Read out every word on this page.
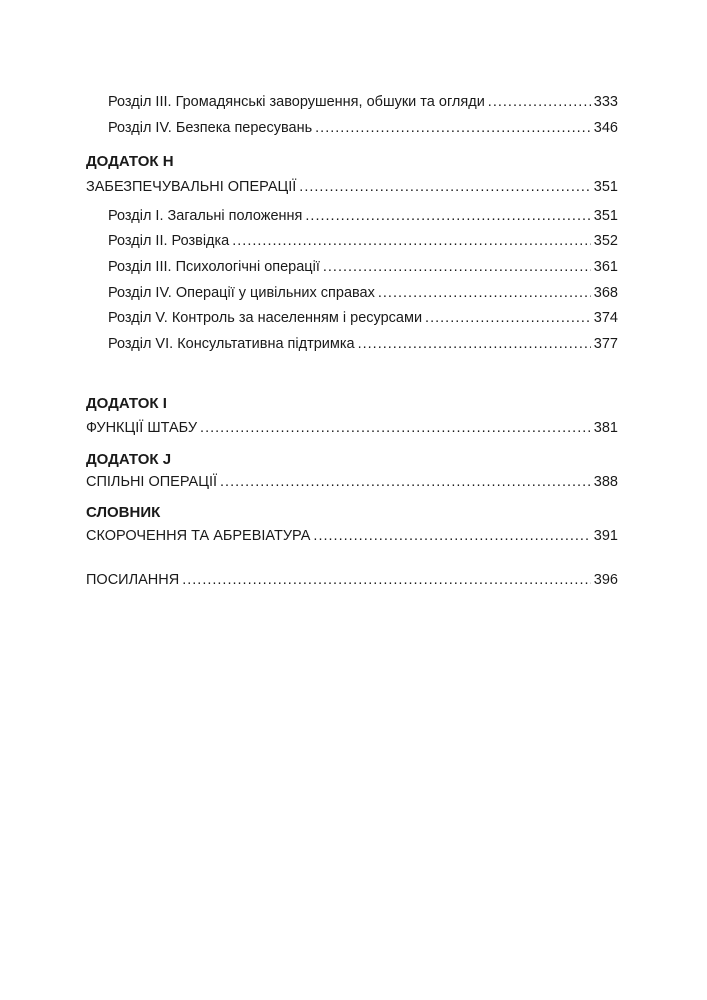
Розділ ІІІ. Громадянські заворушення, обшуки та огляди .....	333
Розділ IV. Безпека пересувань .....	346
ДОДАТОК Н
ЗАБЕЗПЕЧУВАЛЬНІ ОПЕРАЦІЇ .....	351
Розділ І. Загальні положення .....	351
Розділ ІІ. Розвідка .....	352
Розділ ІІІ. Психологічні операції .....	361
Розділ IV. Операції у цивільних справах .....	368
Розділ V. Контроль за населенням і ресурсами .....	374
Розділ VI. Консультативна підтримка .....	377
ДОДАТОК І
ФУНКЦІЇ ШТАБУ .....	381
ДОДАТОК J
СПІЛЬНІ ОПЕРАЦІЇ .....	388
СЛОВНИК
СКОРОЧЕННЯ ТА АБРЕВІАТУРА .....	391
ПОСИЛАННЯ .....	396
